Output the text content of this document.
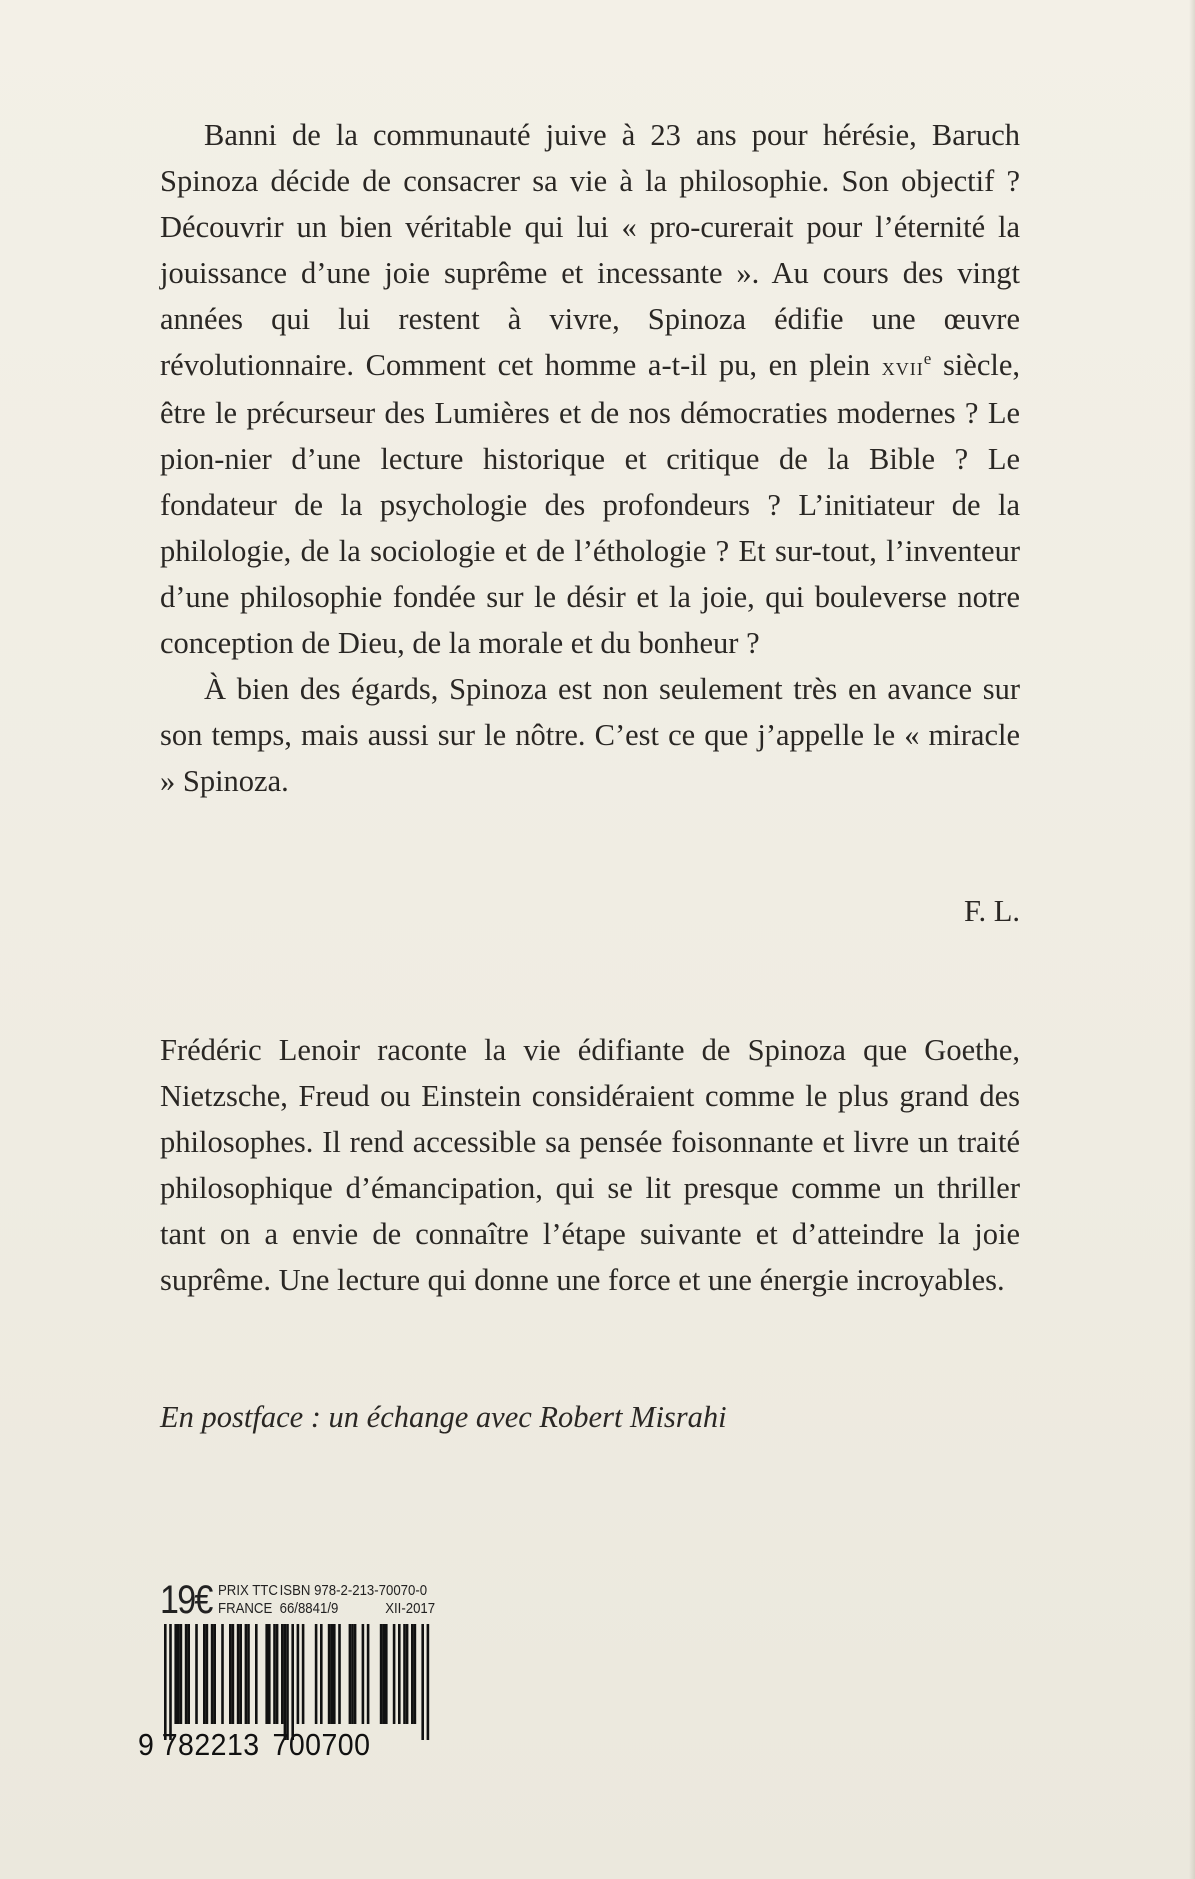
Banni de la communauté juive à 23 ans pour hérésie, Baruch Spinoza décide de consacrer sa vie à la philosophie. Son objectif ? Découvrir un bien véritable qui lui « pro-curerait pour l’éternité la jouissance d’une joie suprême et incessante ». Au cours des vingt années qui lui restent à vivre, Spinoza édifie une œuvre révolutionnaire. Comment cet homme a-t-il pu, en plein xvii$^e$ siècle, être le précurseur des Lumières et de nos démocraties modernes ? Le pion-nier d’une lecture historique et critique de la Bible ? Le fondateur de la psychologie des profondeurs ? L’initiateur de la philologie, de la sociologie et de l’éthologie ? Et sur-tout, l’inventeur d’une philosophie fondée sur le désir et la joie, qui bouleverse notre conception de Dieu, de la morale et du bonheur ?

À bien des égards, Spinoza est non seulement très en avance sur son temps, mais aussi sur le nôtre. C’est ce que j’appelle le « miracle » Spinoza.

F. L.

Frédéric Lenoir raconte la vie édifiante de Spinoza que Goethe, Nietzsche, Freud ou Einstein considéraient comme le plus grand des philosophes. Il rend accessible sa pensée foisonnante et livre un traité philosophique d’émancipation, qui se lit presque comme un thriller tant on a envie de connaître l’étape suivante et d’atteindre la joie suprême. Une lecture qui donne une force et une énergie incroyables.

En postface : un échange avec Robert Misrahi
19€ PRIX TTC ISBN 978-2-213-70070-0
FRANCE 66/8841/9	XII-2017
9 782213 700700
